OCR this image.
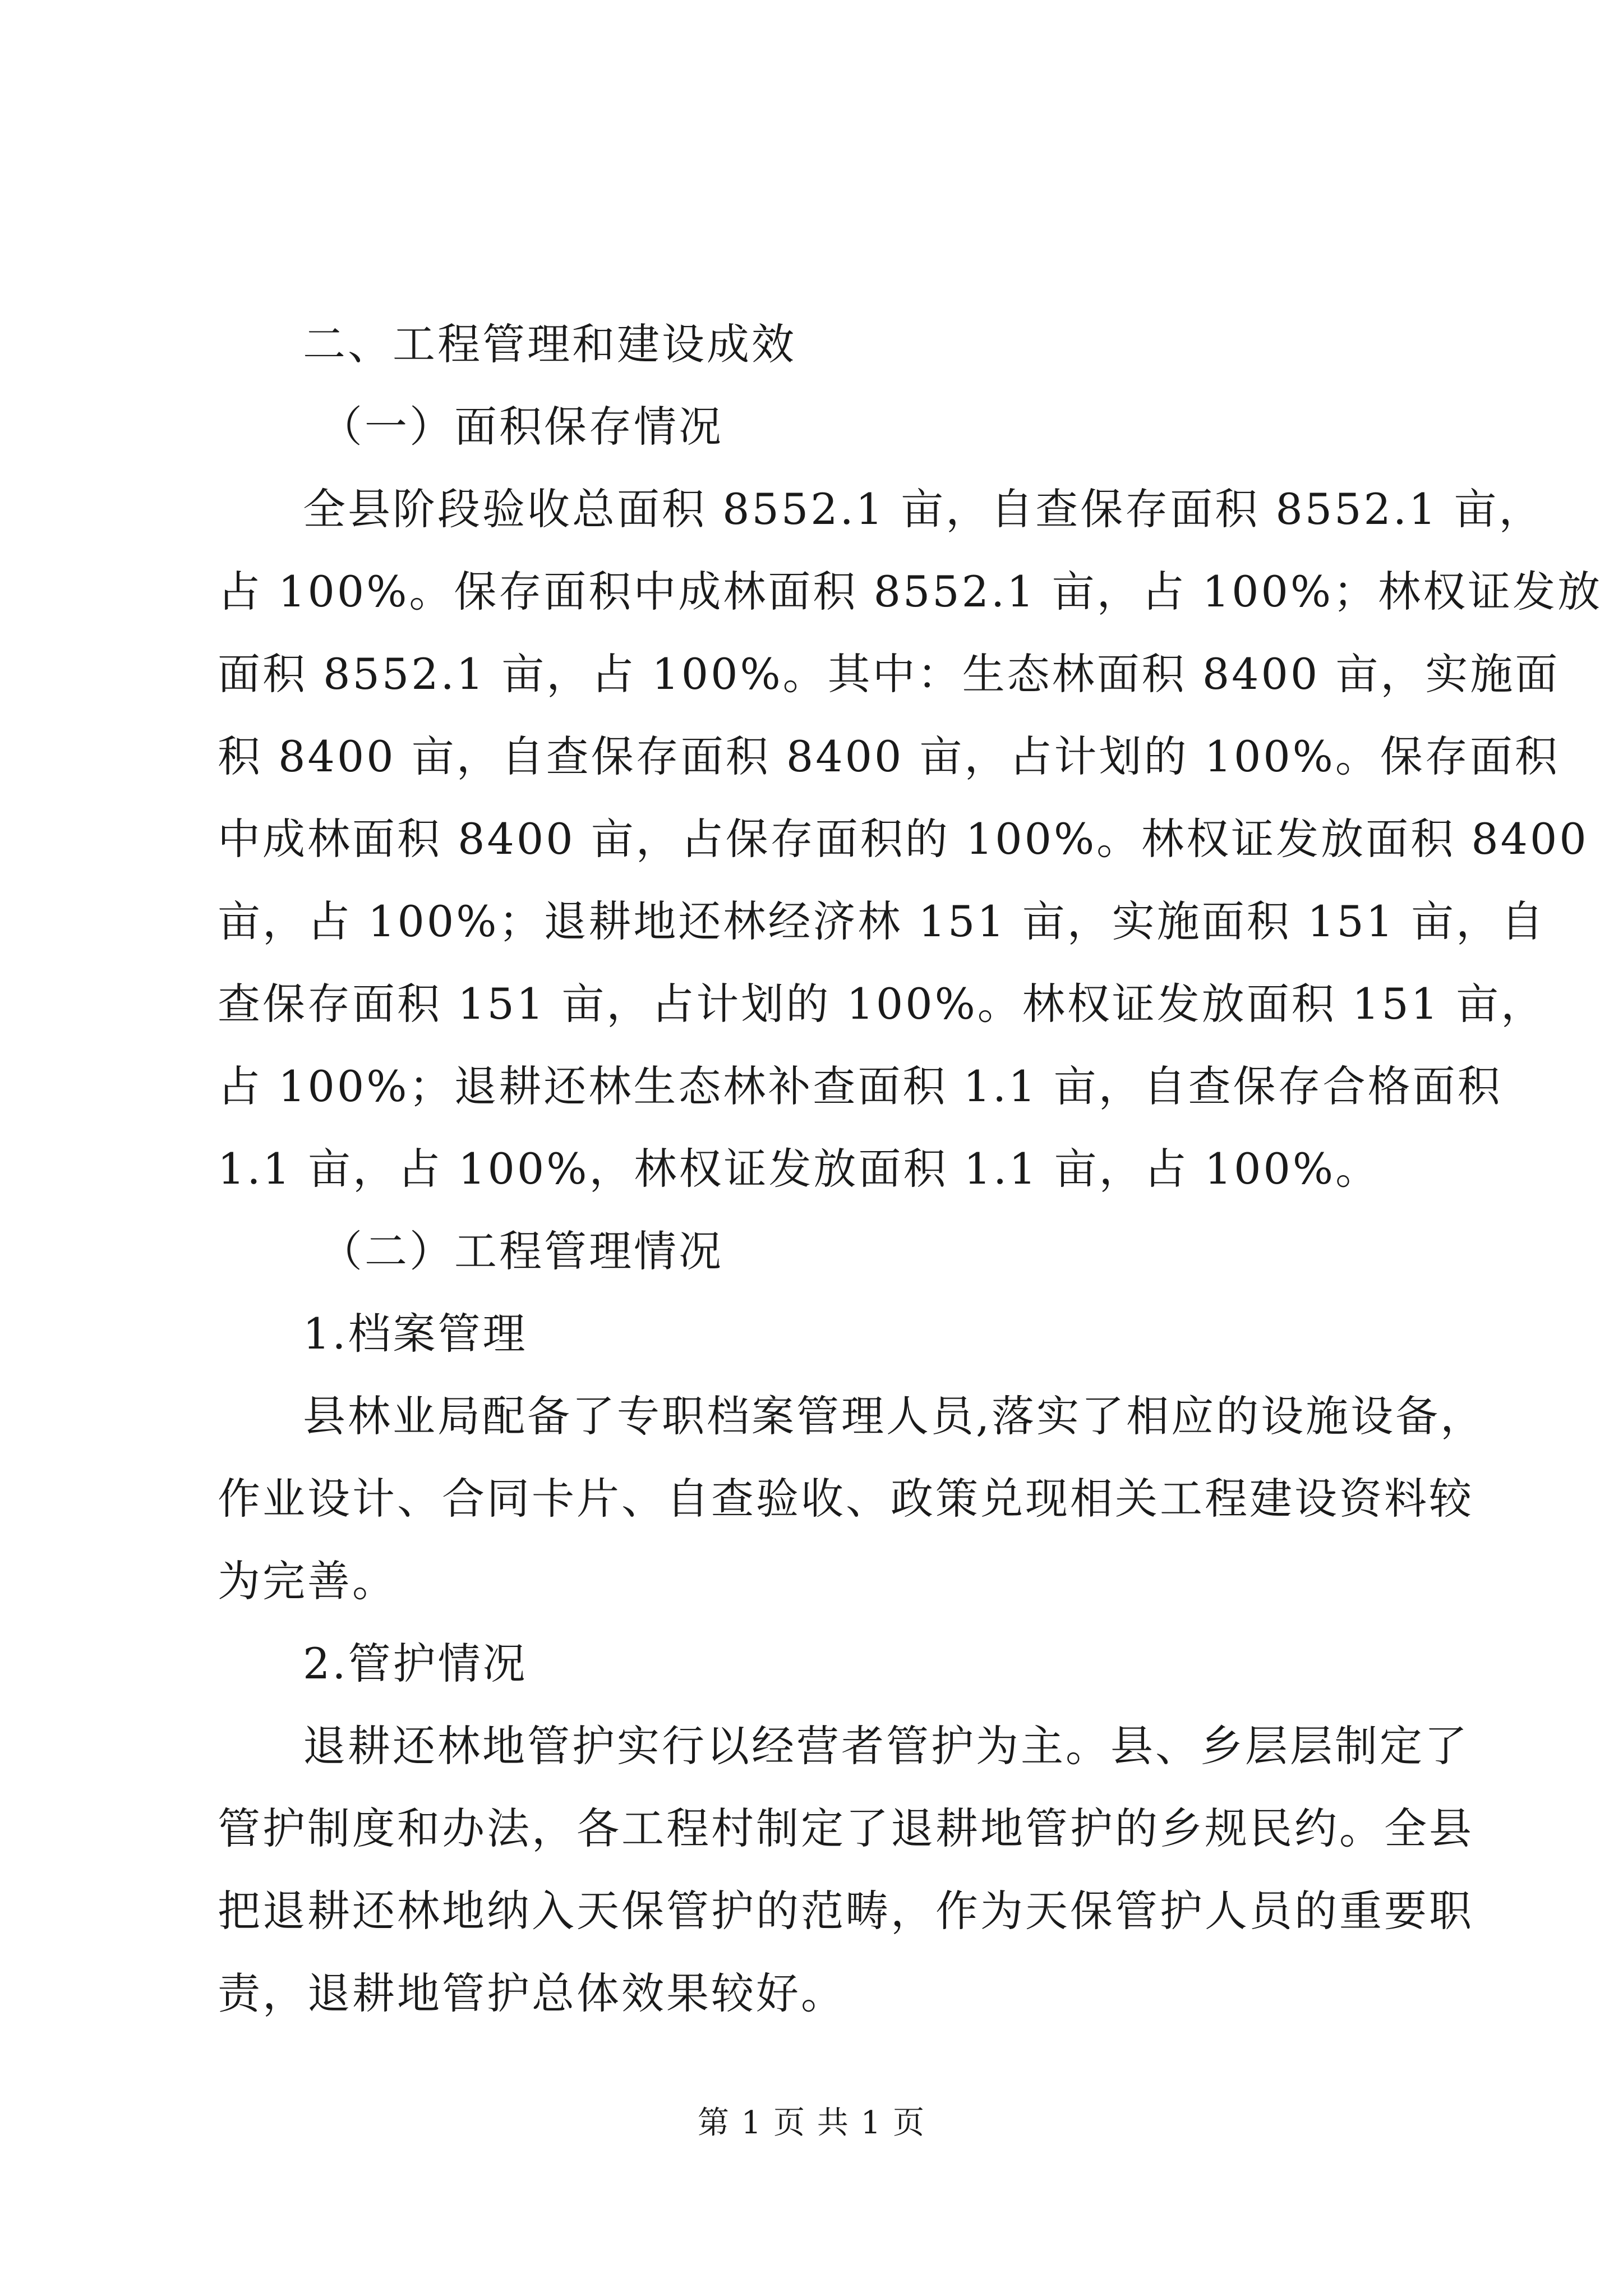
二、工程管理和建设成效

（一）面积保存情况

全县阶段验收总面积 8552.1 亩，自查保存面积 8552.1 亩，

占 100%。保存面积中成林面积 8552.1 亩，占 100%；林权证发放

面积 8552.1 亩，占 100%。其中：生态林面积 8400 亩，实施面

积 8400 亩，自查保存面积 8400 亩，占计划的 100%。保存面积

中成林面积 8400 亩，占保存面积的 100%。林权证发放面积 8400

亩，占 100%；退耕地还林经济林 151 亩，实施面积 151 亩，自

查保存面积 151 亩，占计划的 100%。林权证发放面积 151 亩，

占 100%；退耕还林生态林补查面积 1.1 亩，自查保存合格面积

1.1 亩，占 100%，林权证发放面积 1.1 亩，占 100%。

（二）工程管理情况

1.档案管理

县林业局配备了专职档案管理人员,落实了相应的设施设备，

作业设计、合同卡片、自查验收、政策兑现相关工程建设资料较

为完善。

2.管护情况

退耕还林地管护实行以经营者管护为主。县、乡层层制定了

管护制度和办法，各工程村制定了退耕地管护的乡规民约。全县

把退耕还林地纳入天保管护的范畴，作为天保管护人员的重要职

责，退耕地管护总体效果较好。

第 1 页 共 1 页
